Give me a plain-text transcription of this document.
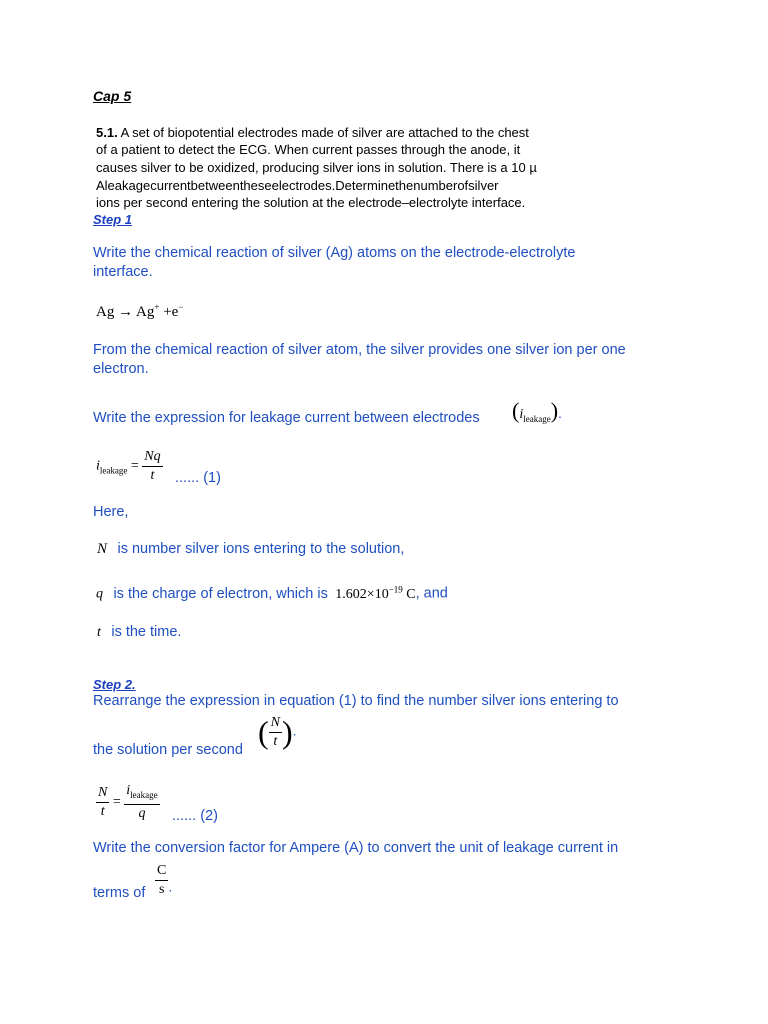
Cap 5
5.1. A set of biopotential electrodes made of silver are attached to the chest
of a patient to detect the ECG. When current passes through the anode, it
causes silver to be oxidized, producing silver ions in solution. There is a 10 µ
Aleakagecurrentbetweentheseelectrodes.Determinethenumberofsilver
ions per second entering the solution at the electrode–electrolyte interface.
Step 1
Write the chemical reaction of silver (Ag) atoms on the electrode-electrolyte
interface.
Ag → Ag+ +e−
From the chemical reaction of silver atom, the silver provides one silver ion per one
electron.
Write the expression for leakage current between electrodes $(i_{leakage})$.
$i_{leakage} = \frac{Nq}{t}$ ...... (1)
Here,
N is number silver ions entering to the solution,
q is the charge of electron, which is $1.602\times 10^{-19}$ C, and
t is the time.
Step 2.
Rearrange the expression in equation (1) to find the number silver ions entering to
the solution per second ( $\frac{N}{t}$ ).
$\frac{N}{t} = \frac{i_{leakage}}{q}$ ...... (2)
Write the conversion factor for Ampere (A) to convert the unit of leakage current in
terms of $\frac{C}{s}$ .
